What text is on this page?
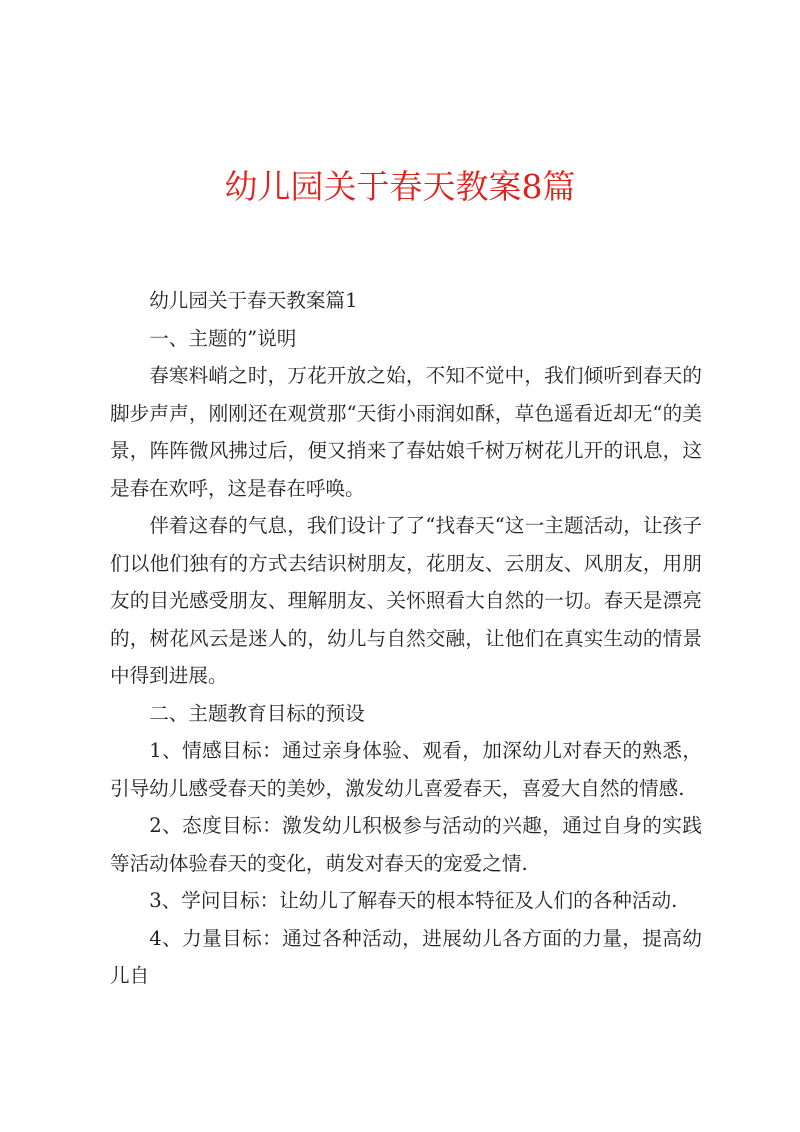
幼儿园关于春天教案8篇

幼儿园关于春天教案篇1

一、主题的”说明

春寒料峭之时，万花开放之始，不知不觉中，我们倾听到春天的脚步声声，刚刚还在观赏那“天街小雨润如酥，草色遥看近却无“的美景，阵阵微风拂过后，便又捎来了春姑娘千树万树花儿开的讯息，这是春在欢呼，这是春在呼唤。

伴着这春的气息，我们设计了了“找春天“这一主题活动，让孩子们以他们独有的方式去结识树朋友，花朋友、云朋友、风朋友，用朋友的目光感受朋友、理解朋友、关怀照看大自然的一切。春天是漂亮的，树花风云是迷人的，幼儿与自然交融，让他们在真实生动的情景中得到进展。

二、主题教育目标的预设

1、情感目标：通过亲身体验、观看，加深幼儿对春天的熟悉，引导幼儿感受春天的美妙，激发幼儿喜爱春天，喜爱大自然的情感.

2、态度目标：激发幼儿积极参与活动的兴趣，通过自身的实践等活动体验春天的变化，萌发对春天的宠爱之情.

3、学问目标：让幼儿了解春天的根本特征及人们的各种活动.

4、力量目标：通过各种活动，进展幼儿各方面的力量，提高幼儿自
